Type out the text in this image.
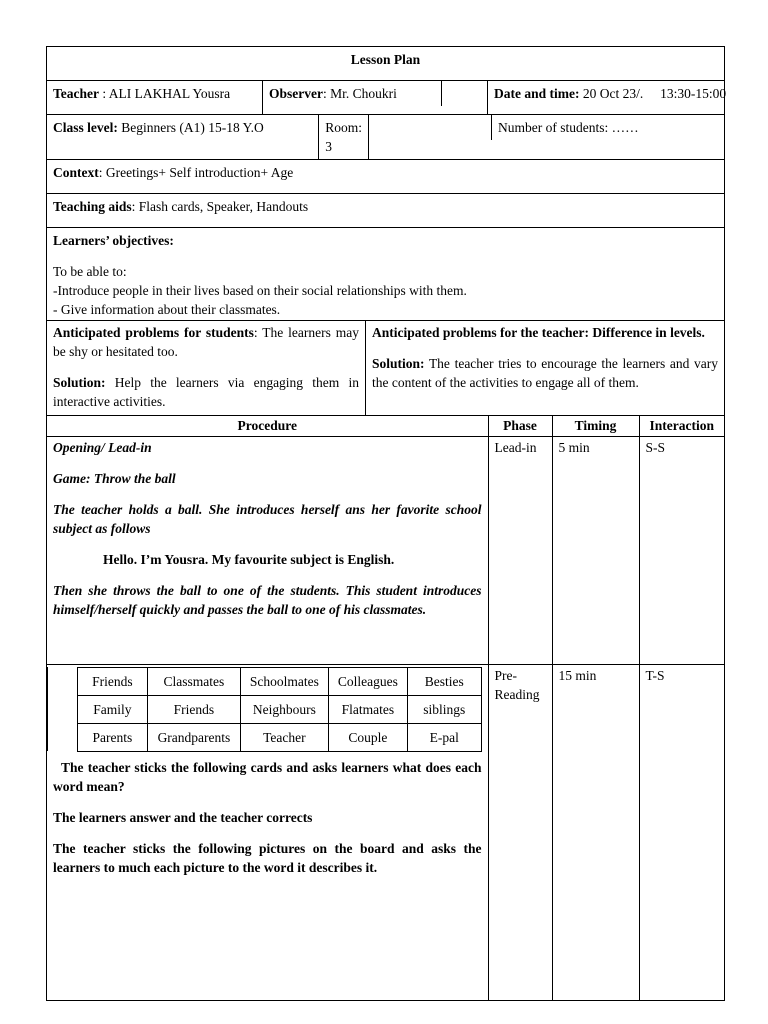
Lesson Plan
Teacher : ALI LAKHAL Yousra	Observer: Mr. Choukri	Date and time: 20 Oct 23/.     13:30-15:00

Class level: Beginners (A1) 15-18 Y.O	Room: 3

Number of students: ……

Context: Greetings+ Self introduction+ Age
Teaching aids: Flash cards, Speaker, Handouts

Learners’ objectives:

To be able to:

-Introduce people in their lives based on their social relationships with them.

- Give information about their classmates.

Anticipated problems for students: The learners may be shy or hesitated too.

Solution: Help the learners via engaging them in interactive activities.

Anticipated problems for the teacher: Difference in levels.

Solution: The teacher tries to encourage the learners and vary the content of the activities to engage all of them.

Procedure	Phase	Timing	Interaction

Opening/ Lead-in

Game: Throw the ball

The teacher holds a ball. She introduces herself ans her favorite school subject as follows

Hello. I’m Yousra. My favourite subject is English.

Then she throws the ball to one of the students. This student introduces himself/herself quickly and passes the ball to one of his classmates.

	Lead-in	5 min	S-S

	Friends	Classmates	Schoolmates	Colleagues	Besties
	Family	Friends	Neighbours	Flatmates	siblings
	Parents	Grandparents	Teacher	Couple	E-pal

The teacher sticks the following cards and asks learners what does each word mean?

The learners answer and the teacher corrects

The teacher sticks the following pictures on the board and asks the learners to much each picture to the word it describes it.

	Pre-Reading	15 min	T-S
